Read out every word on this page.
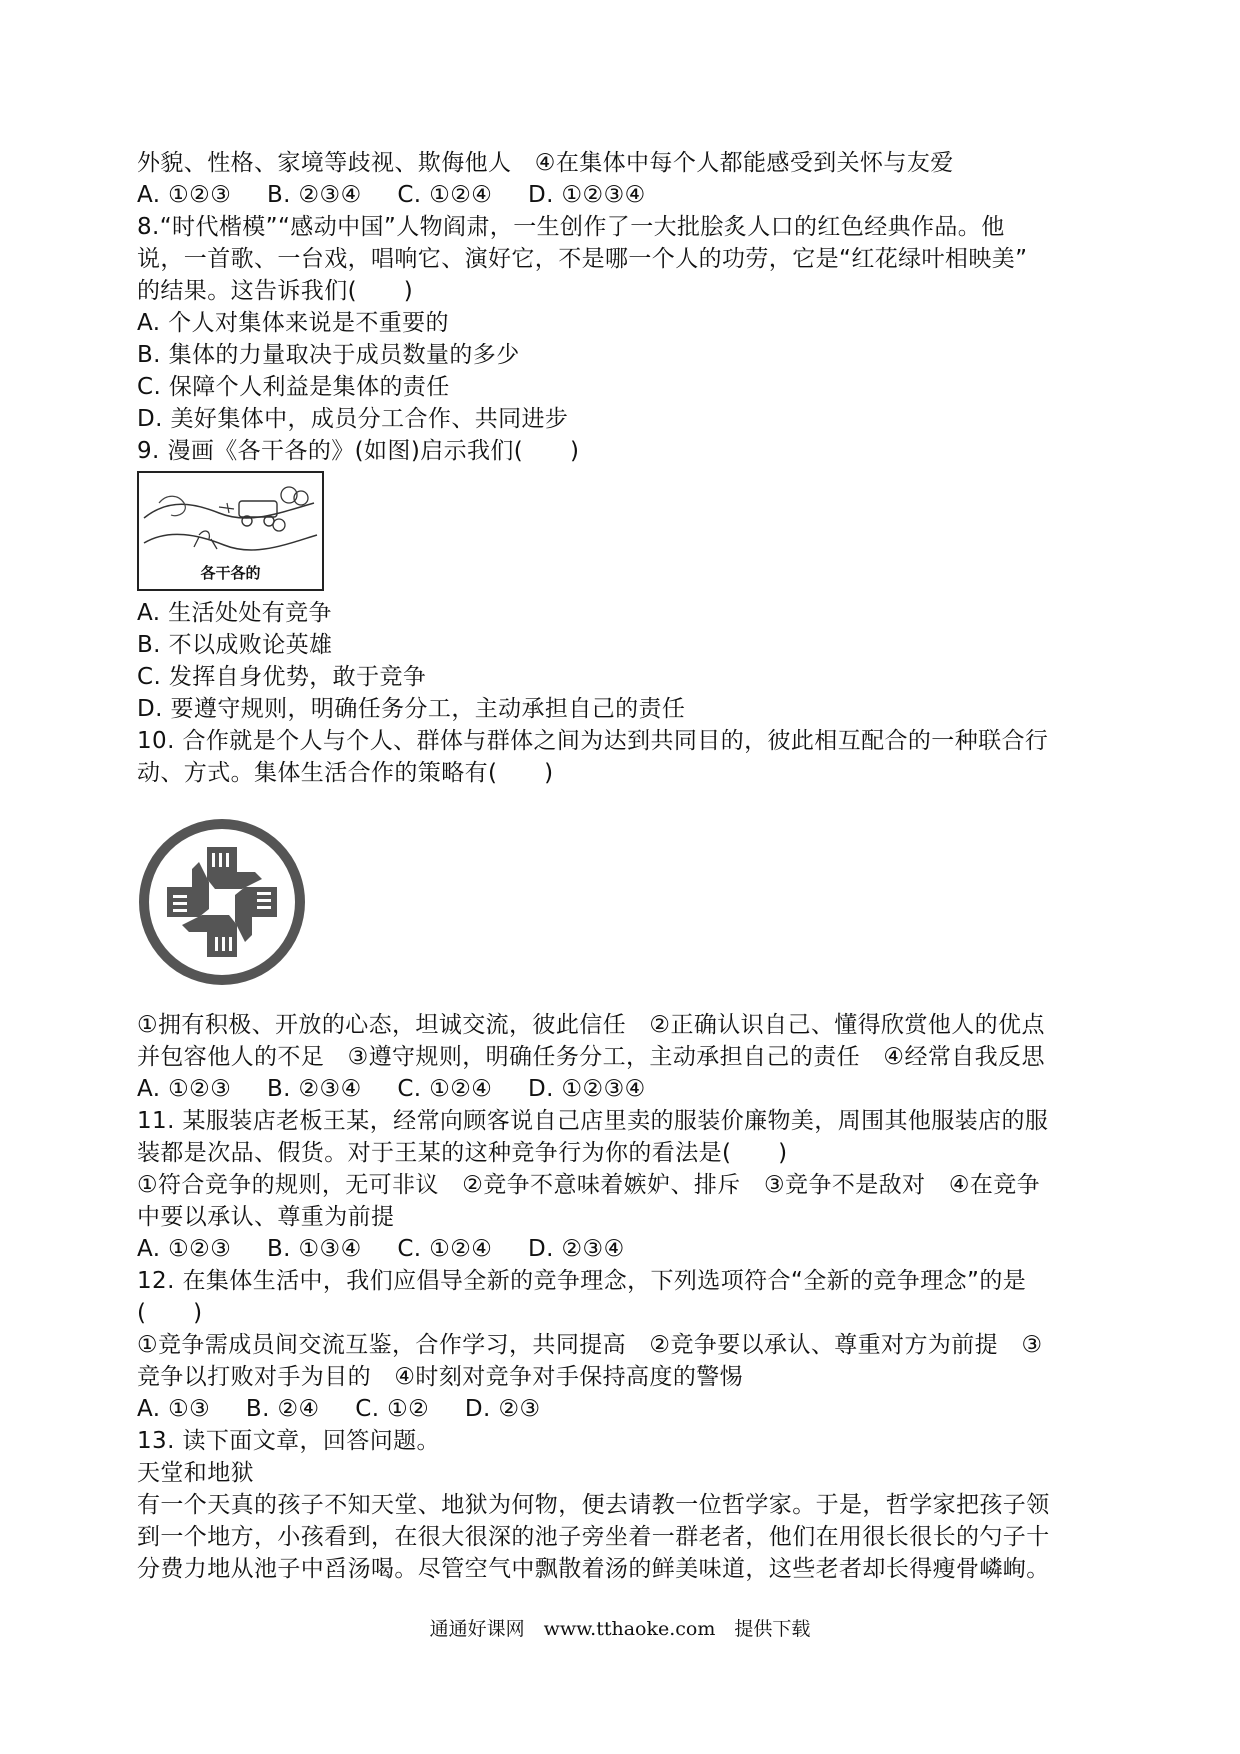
外貌、性格、家境等歧视、欺侮他人　④在集体中每个人都能感受到关怀与友爱
A. ①②③ B. ②③④ C. ①②④ D. ①②③④
8.“时代楷模”“感动中国”人物阎肃，一生创作了一大批脍炙人口的红色经典作品。他
说，一首歌、一台戏，唱响它、演好它，不是哪一个人的功劳，它是“红花绿叶相映美”
的结果。这告诉我们(　　)
A. 个人对集体来说是不重要的
B. 集体的力量取决于成员数量的多少
C. 保障个人利益是集体的责任
D. 美好集体中，成员分工合作、共同进步
9. 漫画《各干各的》(如图)启示我们(　　)
各干各的
A. 生活处处有竞争
B. 不以成败论英雄
C. 发挥自身优势，敢于竞争
D. 要遵守规则，明确任务分工，主动承担自己的责任
10. 合作就是个人与个人、群体与群体之间为达到共同目的，彼此相互配合的一种联合行
动、方式。集体生活合作的策略有(　　)
①拥有积极、开放的心态，坦诚交流，彼此信任　②正确认识自己、懂得欣赏他人的优点
并包容他人的不足　③遵守规则，明确任务分工，主动承担自己的责任　④经常自我反思
A. ①②③ B. ②③④ C. ①②④ D. ①②③④
11. 某服装店老板王某，经常向顾客说自己店里卖的服装价廉物美，周围其他服装店的服
装都是次品、假货。对于王某的这种竞争行为你的看法是(　　)
①符合竞争的规则，无可非议　②竞争不意味着嫉妒、排斥　③竞争不是敌对　④在竞争
中要以承认、尊重为前提
A. ①②③ B. ①③④ C. ①②④ D. ②③④
12. 在集体生活中，我们应倡导全新的竞争理念，下列选项符合“全新的竞争理念”的是
(　　)
①竞争需成员间交流互鉴，合作学习，共同提高　②竞争要以承认、尊重对方为前提　③
竞争以打败对手为目的　④时刻对竞争对手保持高度的警惕
A. ①③ B. ②④ C. ①② D. ②③
13. 读下面文章，回答问题。
天堂和地狱
有一个天真的孩子不知天堂、地狱为何物，便去请教一位哲学家。于是，哲学家把孩子领
到一个地方，小孩看到，在很大很深的池子旁坐着一群老者，他们在用很长很长的勺子十
分费力地从池子中舀汤喝。尽管空气中飘散着汤的鲜美味道，这些老者却长得瘦骨嶙峋。
通通好课网　www.tthaoke.com　提供下载
